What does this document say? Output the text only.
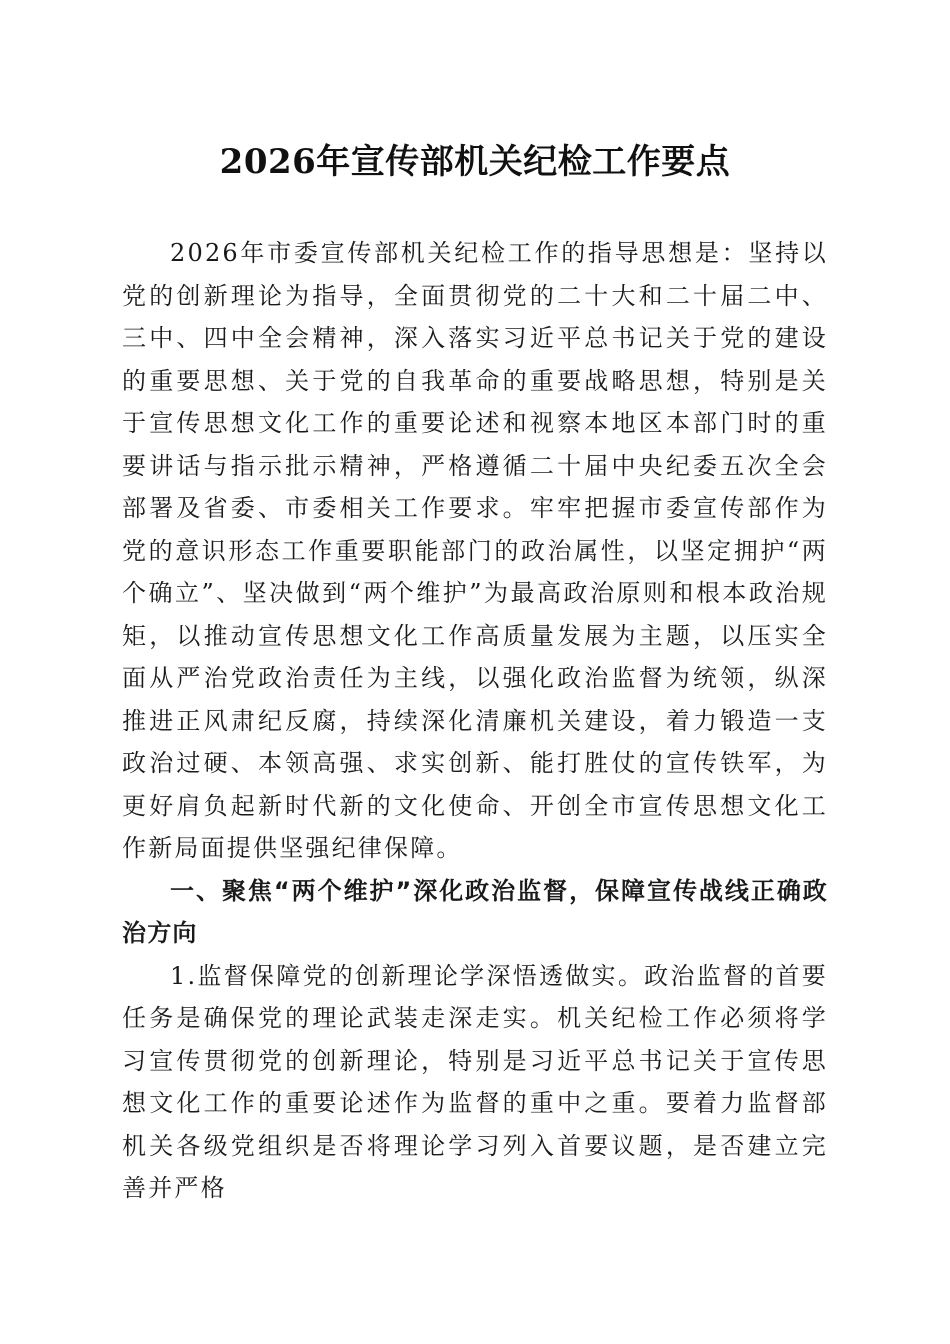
2026年宣传部机关纪检工作要点

2026年市委宣传部机关纪检工作的指导思想是：坚持以党的创新理论为指导，全面贯彻党的二十大和二十届二中、三中、四中全会精神，深入落实习近平总书记关于党的建设的重要思想、关于党的自我革命的重要战略思想，特别是关于宣传思想文化工作的重要论述和视察本地区本部门时的重要讲话与指示批示精神，严格遵循二十届中央纪委五次全会部署及省委、市委相关工作要求。牢牢把握市委宣传部作为党的意识形态工作重要职能部门的政治属性，以坚定拥护“两个确立”、坚决做到“两个维护”为最高政治原则和根本政治规矩，以推动宣传思想文化工作高质量发展为主题，以压实全面从严治党政治责任为主线，以强化政治监督为统领，纵深推进正风肃纪反腐，持续深化清廉机关建设，着力锻造一支政治过硬、本领高强、求实创新、能打胜仗的宣传铁军，为更好肩负起新时代新的文化使命、开创全市宣传思想文化工作新局面提供坚强纪律保障。

一、聚焦“两个维护”深化政治监督，保障宣传战线正确政治方向

1.监督保障党的创新理论学深悟透做实。政治监督的首要任务是确保党的理论武装走深走实。机关纪检工作必须将学习宣传贯彻党的创新理论，特别是习近平总书记关于宣传思想文化工作的重要论述作为监督的重中之重。要着力监督部机关各级党组织是否将理论学习列入首要议题，是否建立完善并严格
